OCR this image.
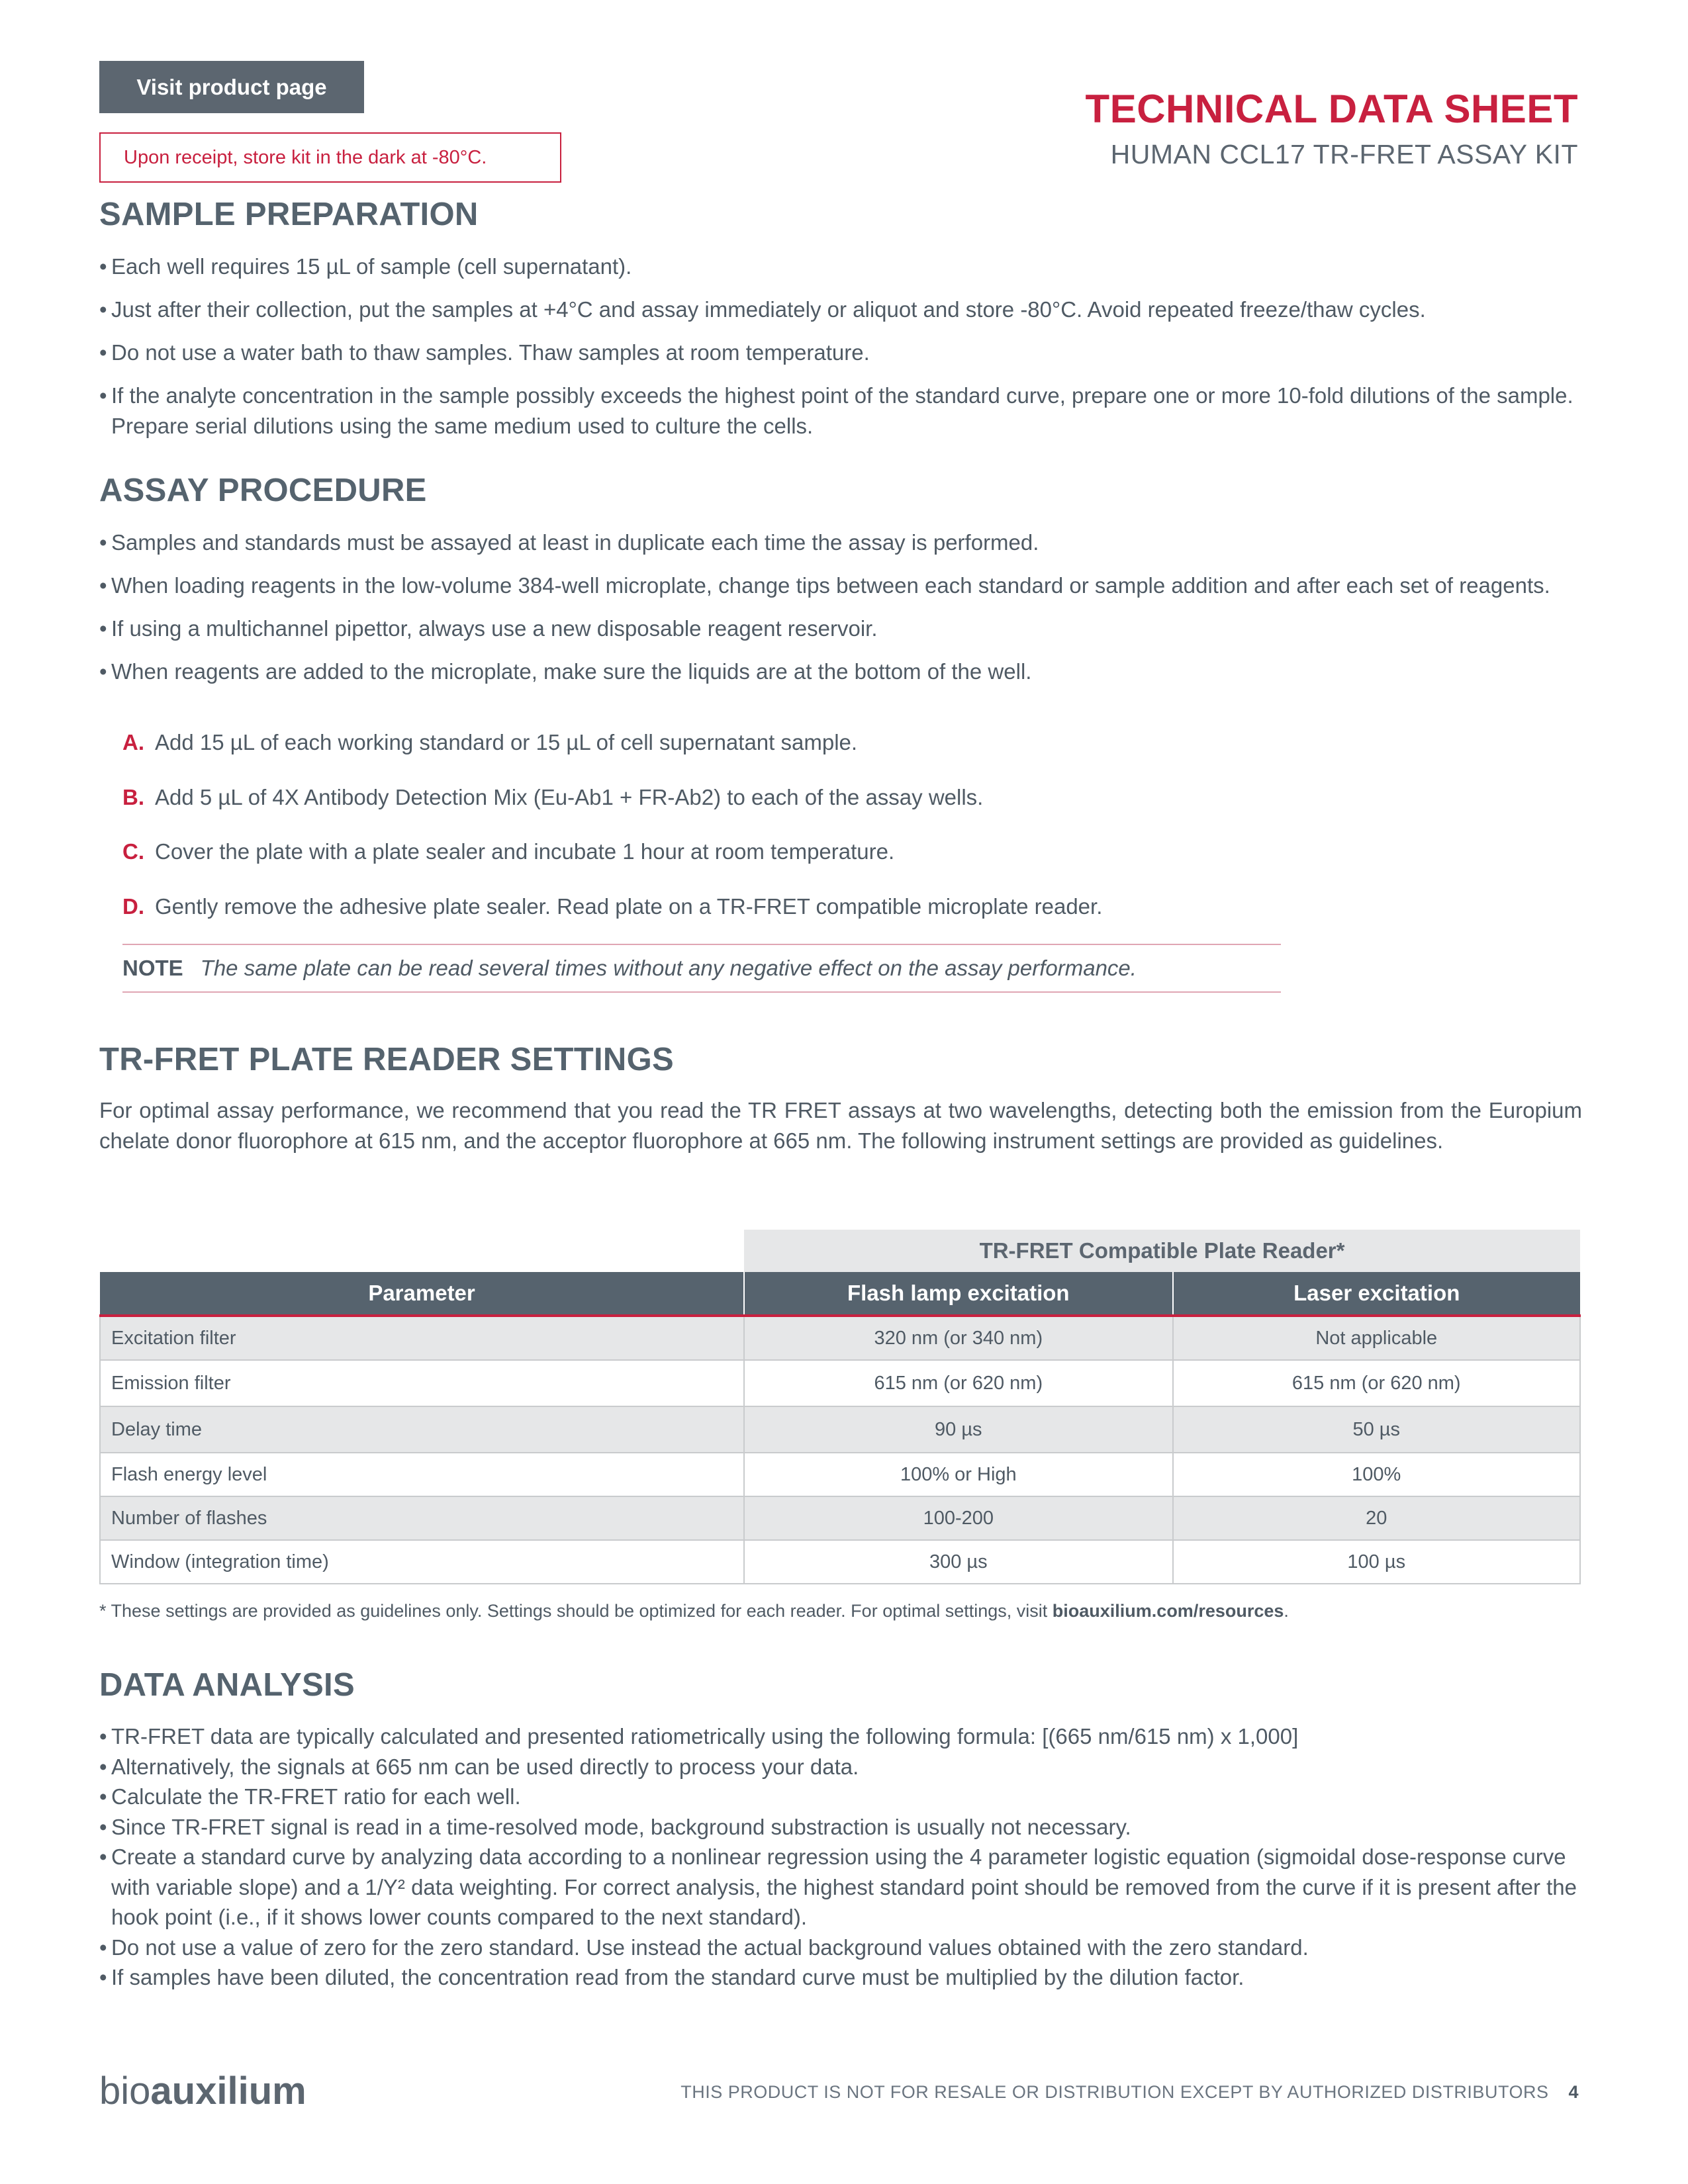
Visit product page
Upon receipt, store kit in the dark at -80°C.
TECHNICAL DATA SHEET
HUMAN CCL17 TR-FRET ASSAY KIT
SAMPLE PREPARATION
• Each well requires 15 µL of sample (cell supernatant).
• Just after their collection, put the samples at +4°C and assay immediately or aliquot and store -80°C. Avoid repeated freeze/thaw cycles.
• Do not use a water bath to thaw samples. Thaw samples at room temperature.
• If the analyte concentration in the sample possibly exceeds the highest point of the standard curve, prepare one or more 10-fold dilutions of the sample. Prepare serial dilutions using the same medium used to culture the cells.
ASSAY PROCEDURE
• Samples and standards must be assayed at least in duplicate each time the assay is performed.
• When loading reagents in the low-volume 384-well microplate, change tips between each standard or sample addition and after each set of reagents.
• If using a multichannel pipettor, always use a new disposable reagent reservoir.
• When reagents are added to the microplate, make sure the liquids are at the bottom of the well.
A. Add 15 µL of each working standard or 15 µL of cell supernatant sample.
B. Add 5 µL of 4X Antibody Detection Mix (Eu-Ab1 + FR-Ab2) to each of the assay wells.
C. Cover the plate with a plate sealer and incubate 1 hour at room temperature.
D. Gently remove the adhesive plate sealer. Read plate on a TR-FRET compatible microplate reader.
NOTE The same plate can be read several times without any negative effect on the assay performance.
TR-FRET PLATE READER SETTINGS
For optimal assay performance, we recommend that you read the TR FRET assays at two wavelengths, detecting both the emission from the Europium chelate donor fluorophore at 615 nm, and the acceptor fluorophore at 665 nm. The following instrument settings are provided as guidelines.
	TR-FRET Compatible Plate Reader*	
Parameter	Flash lamp excitation	Laser excitation
Excitation filter	320 nm (or 340 nm)	Not applicable
Emission filter	615 nm (or 620 nm)	615 nm (or 620 nm)
Delay time	90 µs	50 µs
Flash energy level	100% or High	100%
Number of flashes	100-200	20
Window (integration time)	300 µs	100 µs
* These settings are provided as guidelines only. Settings should be optimized for each reader. For optimal settings, visit bioauxilium.com/resources.
DATA ANALYSIS
• TR-FRET data are typically calculated and presented ratiometrically using the following formula: [(665 nm/615 nm) x 1,000]
• Alternatively, the signals at 665 nm can be used directly to process your data.
• Calculate the TR-FRET ratio for each well.
• Since TR-FRET signal is read in a time-resolved mode, background substraction is usually not necessary.
• Create a standard curve by analyzing data according to a nonlinear regression using the 4 parameter logistic equation (sigmoidal dose-response curve with variable slope) and a 1/Y² data weighting. For correct analysis, the highest standard point should be removed from the curve if it is present after the hook point (i.e., if it shows lower counts compared to the next standard).
• Do not use a value of zero for the zero standard. Use instead the actual background values obtained with the zero standard.
• If samples have been diluted, the concentration read from the standard curve must be multiplied by the dilution factor.
bioauxilium	THIS PRODUCT IS NOT FOR RESALE OR DISTRIBUTION EXCEPT BY AUTHORIZED DISTRIBUTORS 4
